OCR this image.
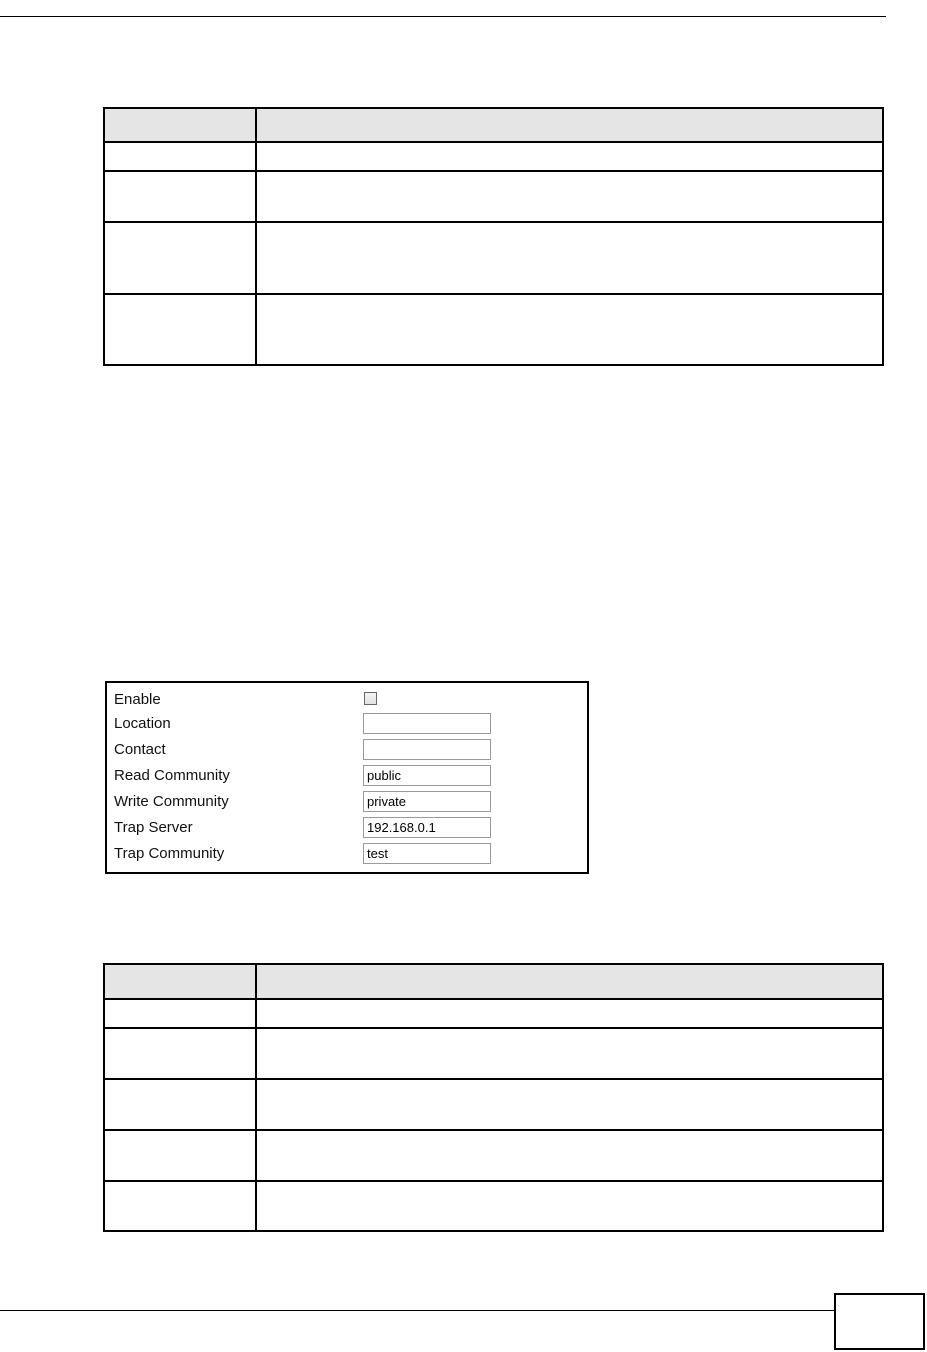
Enable
Location
Contact
Read Community	public
Write Community	private
Trap Server	192.168.0.1
Trap Community	test
